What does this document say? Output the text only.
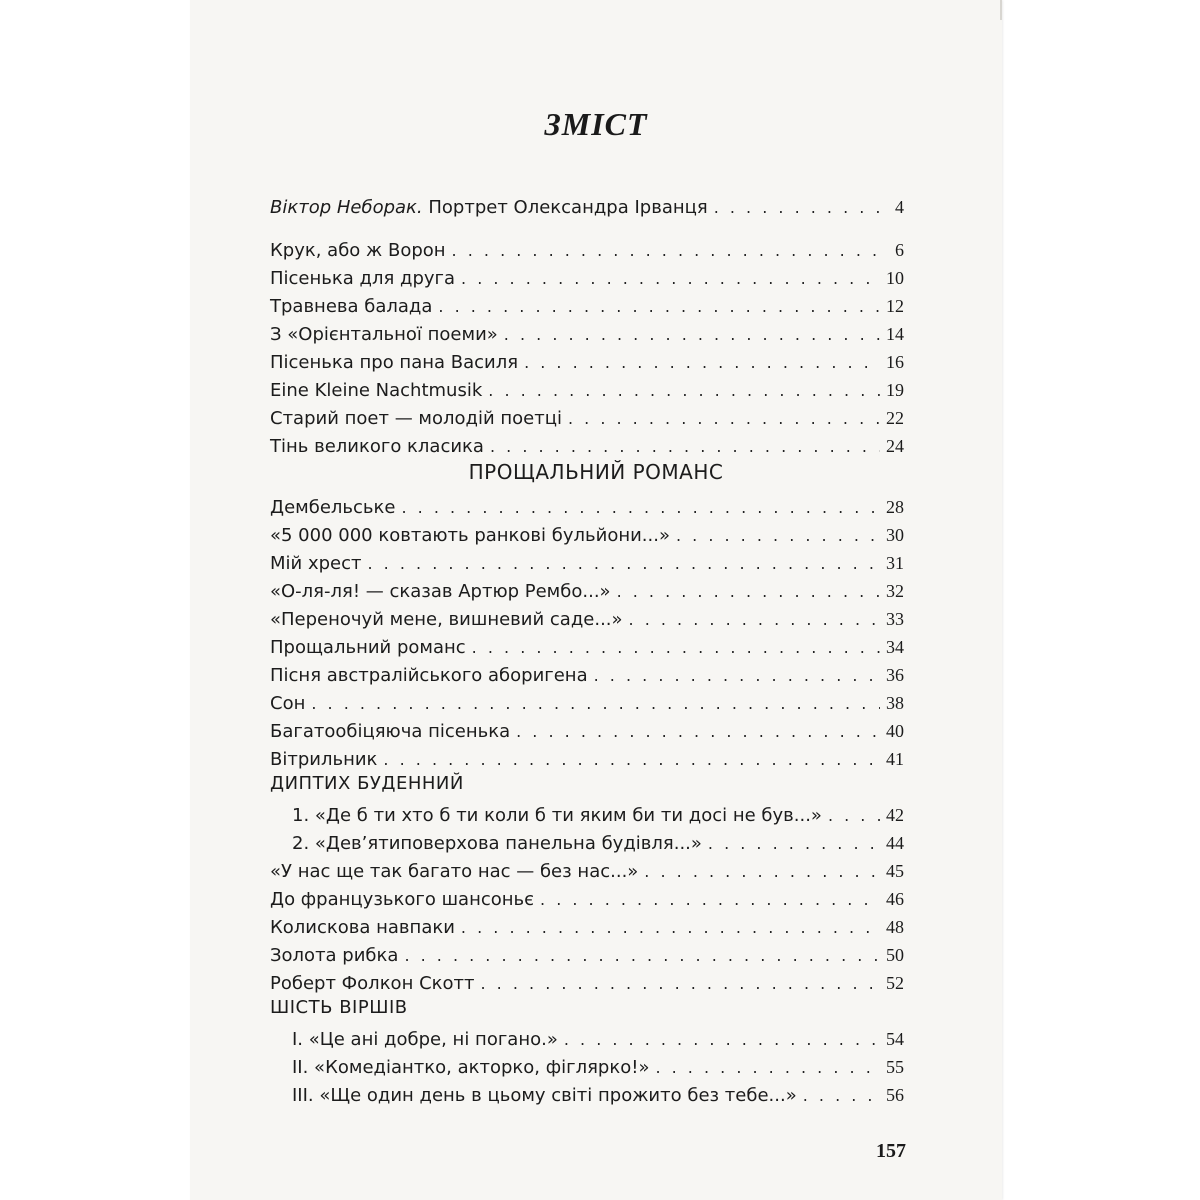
ЗМІСТ
Віктор Неборак. Портрет Олександра Ірванця . . .	4
Крук, або ж Ворон . . .	6
Пісенька для друга . . .	10
Травнева балада . . .	12
З «Орієнтальної поеми» . . .	14
Пісенька про пана Василя . . .	16
Eine Kleine Nachtmusik . . .	19
Старий поет — молодій поетці . . .	22
Тінь великого класика . . .	24
Дембельське . . .	28
«5 000 000 ковтають ранкові бульйони...» . . .	30
Мій хрест . . .	31
«О-ля-ля! — сказав Артюр Рембо...» . . .	32
«Переночуй мене, вишневий саде...» . . .	33
Прощальний романс . . .	34
Пісня австралійського аборигена . . .	36
Сон . . .	38
Багатообіцяюча пісенька . . .	40
Вітрильник . . .	41
1. «Де б ти хто б ти коли б ти яким би ти досі не був...» . . .	42
2. «Дев’ятиповерхова панельна будівля...» . . .	44
«У нас ще так багато нас — без нас...» . . .	45
До французького шансоньє . . .	46
Колискова навпаки . . .	48
Золота рибка . . .	50
Роберт Фолкон Скотт . . .	52
I. «Це ані добре, ні погано.» . . .	54
II. «Комедіантко, акторко, фіглярко!» . . .	55
III. «Ще один день в цьому світі прожито без тебе...» . . .	56
ПРОЩАЛЬНИЙ РОМАНС
ДИПТИХ БУДЕННИЙ
ШІСТЬ ВІРШІВ
157
